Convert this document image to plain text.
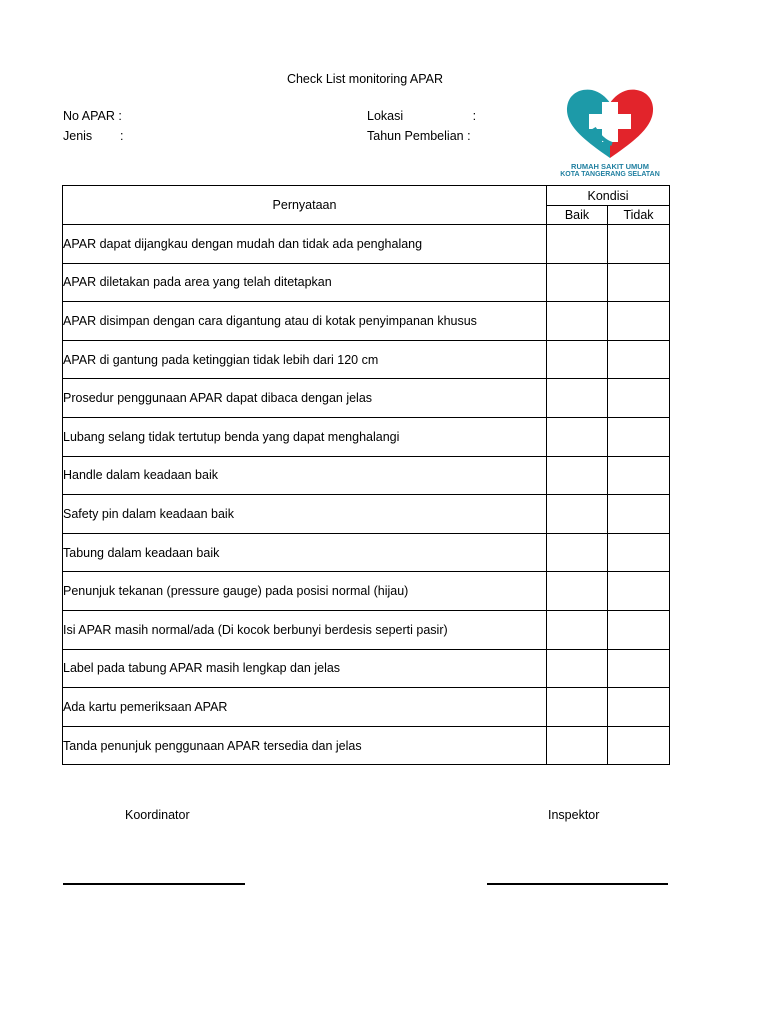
Check List monitoring APAR
No APAR :
Jenis        :
Lokasi                    :
Tahun Pembelian :
RUMAH SAKIT UMUM
KOTA TANGERANG SELATAN
Pernyataan	Kondisi	
	Baik	Tidak
APAR dapat dijangkau dengan mudah dan tidak ada penghalang		
APAR diletakan pada area yang telah ditetapkan		
APAR disimpan dengan cara digantung atau di kotak penyimpanan khusus		
APAR di gantung pada ketinggian tidak lebih dari 120 cm		
Prosedur penggunaan APAR dapat dibaca dengan jelas		
Lubang selang tidak tertutup benda yang dapat menghalangi		
Handle dalam keadaan baik		
Safety pin dalam keadaan baik		
Tabung dalam keadaan baik		
Penunjuk tekanan (pressure gauge) pada posisi normal (hijau)		
Isi APAR masih normal/ada (Di kocok berbunyi berdesis seperti pasir)		
Label pada tabung APAR masih lengkap dan jelas		
Ada kartu pemeriksaan APAR		
Tanda penunjuk penggunaan APAR tersedia dan jelas		
Koordinator	Inspektor
